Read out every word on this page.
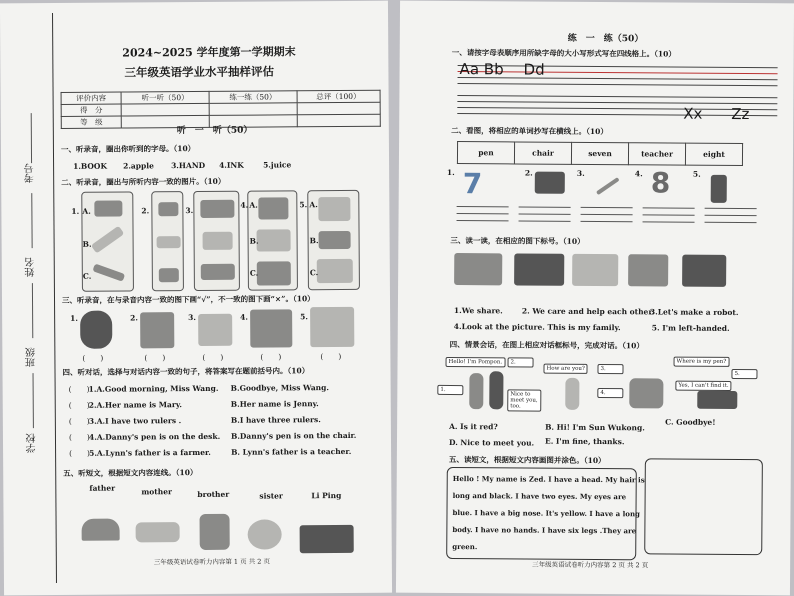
考号
姓名
班级
学校
2024~2025 学年度第一学期期末
三年级英语学业水平抽样评估
评价内容	听一听（50）	练一练（50）	总评（100）
得　分			
等　级			
听　一　听（50）
一、听录音，圈出你听到的字母。（10）
1.BOOK 2.apple 3.HAND 4.INK	5.juice
二、听录音，圈出与所听内容一致的图片。（10）
1.	2.	3.
4.	5.
A.
B.
C.
A.
B.
C.
A.
B.
C.
三、听录音，在与录音内容一致的图下画“√”，不一致的图下画“×”。（10）
1.	2.	3.	4.	5.
(　　)	(　　)	(　　)	(　　)	(　　)
四、听对话，选择与对话内容一致的句子，将答案写在题前括号内。（10）
(　　) 1.A.Good morning, Miss Wang. B.Goodbye, Miss Wang.
(　　) 2.A.Her name is Mary.	B.Her name is Jenny.
(　　) 3.A.I have two rulers .	B.I have three rulers.
(　　) 4.A.Danny's pen is on the desk. B.Danny's pen is on the chair.
(　　) 5.A.Lynn's father is a farmer.	B. Lynn's father is a teacher.
五、听短文，根据短文内容连线。（10）
father	mother	brother	sister	Li Ping
三年级英语试卷听力内容第 1 页 共 2 页
练　一　练（50）
一、请按字母表顺序用所缺字母的大小写形式写在四线格上。（10）
Aa Bb Dd
Xx Zz
二、看图，将相应的单词抄写在横线上。（10）
pen	chair	seven	teacher	eight
1. 7	2.	3.	4. 8	5.
三、读一读，在相应的图下标号。（10）
1.We share.	2. We care and help each other.
3.Let's make a robot.
4.Look at the picture. This is my family.	5. I'm left-handed.
四、情景会话，在图上相应对话框标号，完成对话。（10）
Hello! I'm Pompon.	2.
How are you?	3.
1.
Nice to meet you, too.
Where is my pen?
4.
Yes, I can't find it.
5.
A. Is it red?	B. Hi! I'm Sun Wukong.
C. Goodbye!
D. Nice to meet you. E. I'm fine, thanks.
五、读短文，根据短文内容画图并涂色。（10）
Hello ! My name is Zed. I have a head. My hair is
long and black. I have two eyes. My eyes are
blue. I have a big nose. It's yellow. I have a long
body. I have no hands. I have six legs .They are
green.
三年级英语试卷听力内容第 2 页 共 2 页
